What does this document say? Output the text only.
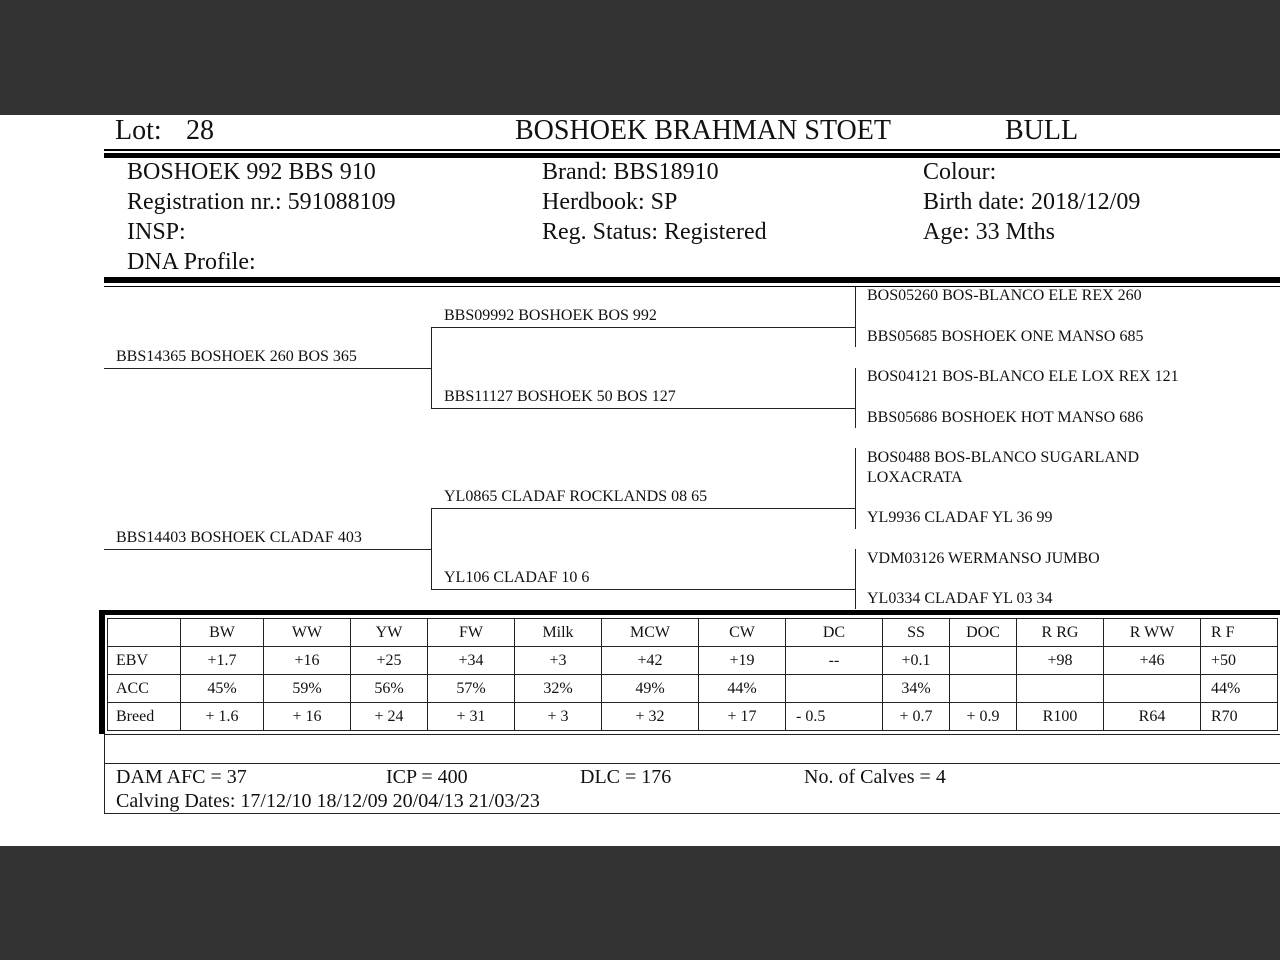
Lot: 28	BOSHOEK BRAHMAN STOET	BULL
BOSHOEK 992 BBS 910
Registration nr.: 591088109
INSP:
DNA Profile:
Brand: BBS18910
Herdbook: SP
Reg. Status: Registered
Colour:
Birth date: 2018/12/09
Age: 33 Mths
BBS14365 BOSHOEK 260 BOS 365
BBS14403 BOSHOEK CLADAF 403
BBS09992 BOSHOEK BOS 992
BBS11127 BOSHOEK 50 BOS 127
YL0865 CLADAF ROCKLANDS 08 65
YL106 CLADAF 10 6
BOS05260 BOS-BLANCO ELE REX 260
BBS05685 BOSHOEK ONE MANSO 685
BOS04121 BOS-BLANCO ELE LOX REX 121
BBS05686 BOSHOEK HOT MANSO 686
BOS0488 BOS-BLANCO SUGARLAND
LOXACRATA
YL9936 CLADAF YL 36 99
VDM03126 WERMANSO JUMBO
YL0334 CLADAF YL 03 34
	BW	WW	YW	FW	Milk	MCW	CW	DC	SS	DOC	R RG	R WW	R F
EBV	+1.7	+16	+25	+34	+3	+42	+19	--	+0.1		+98	+46	+50
ACC	45%	59%	56%	57%	32%	49%	44%		34%				44%
Breed	+ 1.6	+ 16	+ 24	+ 31	+ 3	+ 32	+ 17	- 0.5	+ 0.7	+ 0.9	R100	R64	R70
DAM AFC = 37	ICP = 400	DLC = 176	No. of Calves = 4
Calving Dates: 17/12/10 18/12/09 20/04/13 21/03/23
